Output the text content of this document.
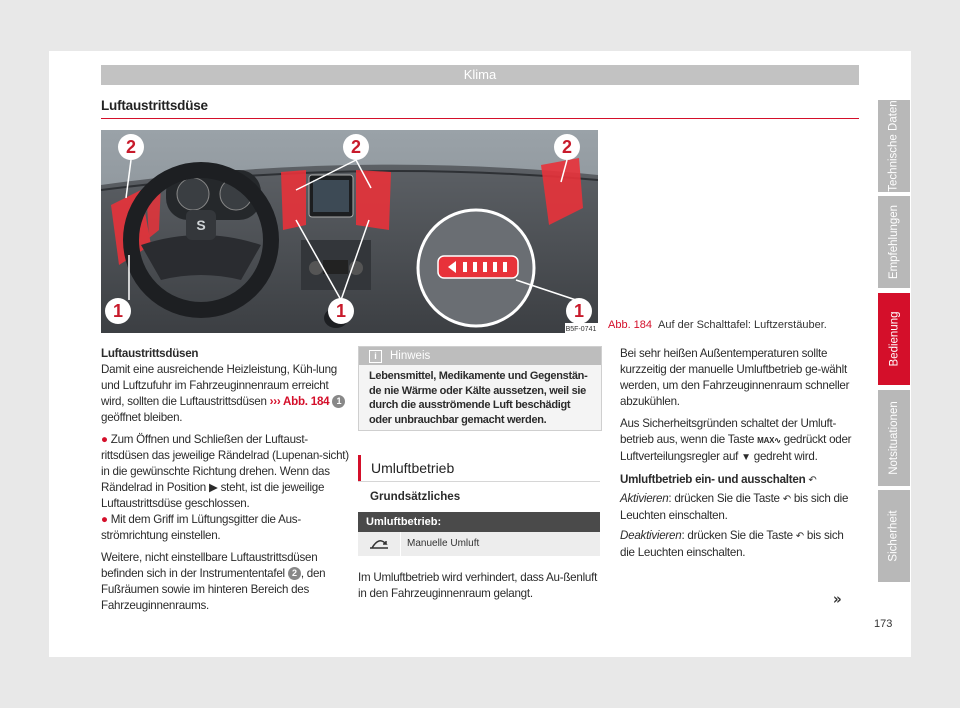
Klima
Luftaustrittsdüse
S
2	2	2
1	1	1
B5F-0741 Abb. 184 Auf der Schalttafel: Luftzerstäuber.

Luftaustrittsdüsen

Damit eine ausreichende Heizleistung, Küh-lung und Luftzufuhr im Fahrzeuginnenraum erreicht wird, sollten die Luftaustrittsdüsen ››› Abb. 184 1 geöffnet bleiben.

● Zum Öffnen und Schließen der Luftaust-rittsdüsen das jeweilige Rändelrad (Lupenan-sicht) in die gewünschte Richtung drehen. Wenn das Rändelrad in Position ▶ steht, ist die jeweilige Luftaustrittsdüse geschlossen.

● Mit dem Griff im Lüftungsgitter die Aus-strömrichtung einstellen.

Weitere, nicht einstellbare Luftaustrittsdüsen befinden sich in der Instrumententafel 2 , den Fußräumen sowie im hinteren Bereich des Fahrzeuginnenraums.

i Hinweis
Lebensmittel, Medikamente und Gegenstän-de nie Wärme oder Kälte aussetzen, weil sie durch die ausströmende Luft beschädigt oder unbrauchbar gemacht werden.
Umluftbetrieb
Grundsätzliches
Umluftbetrieb:
Manuelle Umluft
Im Umluftbetrieb wird verhindert, dass Au-ßenluft in den Fahrzeuginnenraum gelangt.

Bei sehr heißen Außentemperaturen sollte kurzzeitig der manuelle Umluftbetrieb ge-wählt werden, um den Fahrzeuginnenraum schneller abzukühlen.

Aus Sicherheitsgründen schaltet der Umluft-betrieb aus, wenn die Taste MAX∿ gedrückt oder Luftverteilungsregler auf ▼ gedreht wird.

Umluftbetrieb ein- und ausschalten ↶

Aktivieren: drücken Sie die Taste ↶ bis sich die Leuchten einschalten.

Deaktivieren: drücken Sie die Taste ↶ bis sich die Leuchten einschalten.

»
Technische Daten
Empfehlungen
Bedienung
Notsituationen
Sicherheit
173
